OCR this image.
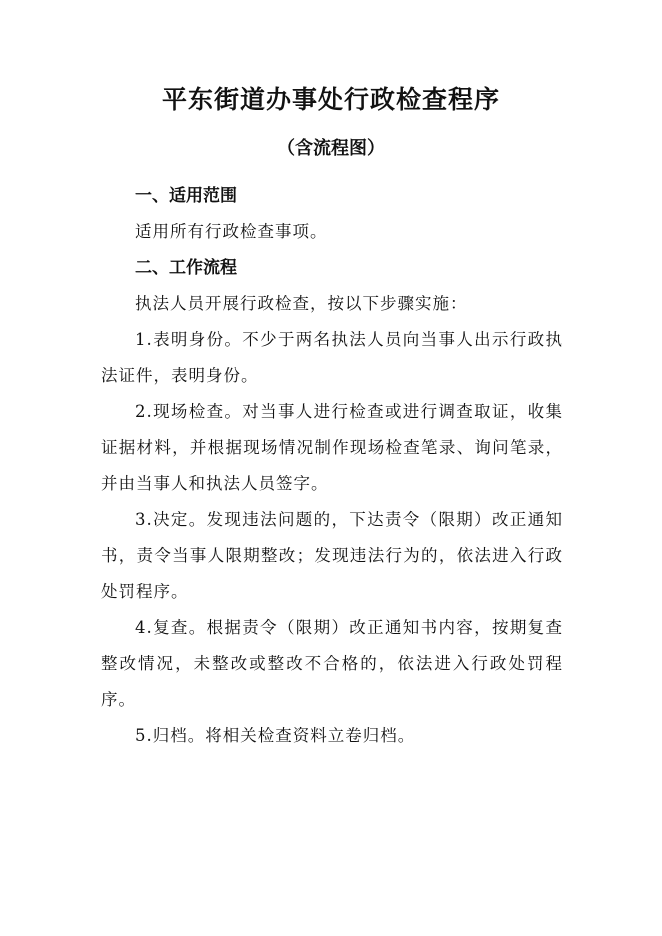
平东街道办事处行政检查程序
（含流程图）
一、适用范围

适用所有行政检查事项。

二、工作流程

执法人员开展行政检查，按以下步骤实施：

1.表明身份。不少于两名执法人员向当事人出示行政执法证件，表明身份。

2.现场检查。对当事人进行检查或进行调查取证，收集证据材料，并根据现场情况制作现场检查笔录、询问笔录，并由当事人和执法人员签字。

3.决定。发现违法问题的，下达责令（限期）改正通知书，责令当事人限期整改；发现违法行为的，依法进入行政处罚程序。

4.复查。根据责令（限期）改正通知书内容，按期复查整改情况，未整改或整改不合格的，依法进入行政处罚程序。

5.归档。将相关检查资料立卷归档。
